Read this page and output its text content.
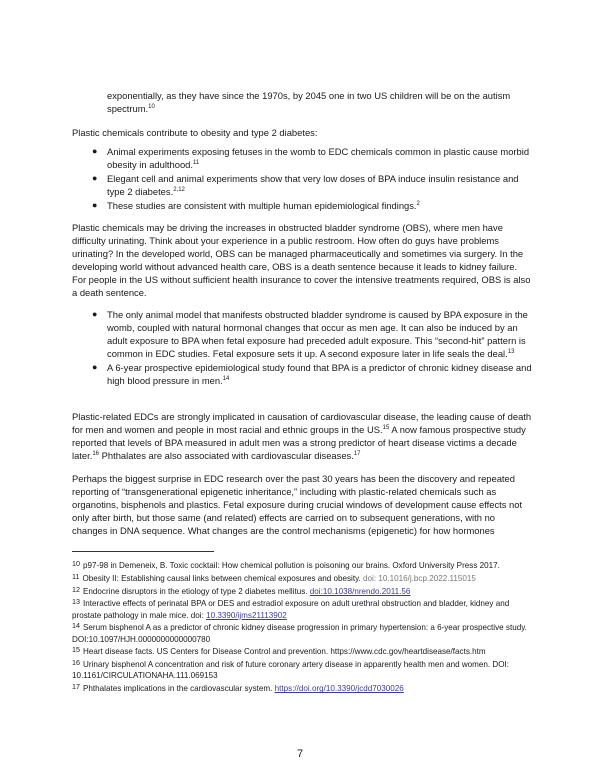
exponentially, as they have since the 1970s, by 2045 one in two US children will be on the autism spectrum.$^{10}$

Plastic chemicals contribute to obesity and type 2 diabetes:

● Animal experiments exposing fetuses in the womb to EDC chemicals common in plastic cause morbid obesity in adulthood.$^{11}$
● Elegant cell and animal experiments show that very low doses of BPA induce insulin resistance and type 2 diabetes.$^{2,12}$
● These studies are consistent with multiple human epidemiological findings.$^2$

Plastic chemicals may be driving the increases in obstructed bladder syndrome (OBS), where men have difficulty urinating. Think about your experience in a public restroom. How often do guys have problems urinating? In the developed world, OBS can be managed pharmaceutically and sometimes via surgery. In the developing world without advanced health care, OBS is a death sentence because it leads to kidney failure. For people in the US without sufficient health insurance to cover the intensive treatments required, OBS is also a death sentence.

● The only animal model that manifests obstructed bladder syndrome is caused by BPA exposure in the womb, coupled with natural hormonal changes that occur as men age. It can also be induced by an adult exposure to BPA when fetal exposure had preceded adult exposure. This “second-hit” pattern is common in EDC studies. Fetal exposure sets it up. A second exposure later in life seals the deal.$^{13}$
● A 6-year prospective epidemiological study found that BPA is a predictor of chronic kidney disease and high blood pressure in men.$^{14}$

Plastic-related EDCs are strongly implicated in causation of cardiovascular disease, the leading cause of death for men and women and people in most racial and ethnic groups in the US.$^{15}$ A now famous prospective study reported that levels of BPA measured in adult men was a strong predictor of heart disease victims a decade later.$^{16}$ Phthalates are also associated with cardiovascular diseases.$^{17}$

Perhaps the biggest surprise in EDC research over the past 30 years has been the discovery and repeated reporting of “transgenerational epigenetic inheritance,” including with plastic-related chemicals such as organotins, bisphenols and plastics. Fetal exposure during crucial windows of development cause effects not only after birth, but those same (and related) effects are carried on to subsequent generations, with no changes in DNA sequence. What changes are the control mechanisms (epigenetic) for how hormones

10 p97-98 in Demeneix, B. Toxic cocktail: How chemical pollution is poisoning our brains. Oxford University Press 2017.

11 Obesity II: Establishing causal links between chemical exposures and obesity. doi: 10.1016/j.bcp.2022.115015

12 Endocrine disruptors in the etiology of type 2 diabetes mellitus. doi:10.1038/nrendo.2011.56

13 Interactive effects of perinatal BPA or DES and estradiol exposure on adult urethral obstruction and bladder, kidney and prostate pathology in male mice. doi: 10.3390/ijms21113902

14 Serum bisphenol A as a predictor of chronic kidney disease progression in primary hypertension: a 6-year prospective study. DOI:10.1097/HJH.0000000000000780

15 Heart disease facts. US Centers for Disease Control and prevention. https://www.cdc.gov/heartdisease/facts.htm

16 Urinary bisphenol A concentration and risk of future coronary artery disease in apparently health men and women. DOI: 10.1161/CIRCULATIONAHA.111.069153

17 Phthalates implications in the cardiovascular system. https://doi.org/10.3390/jcdd7030026

7
